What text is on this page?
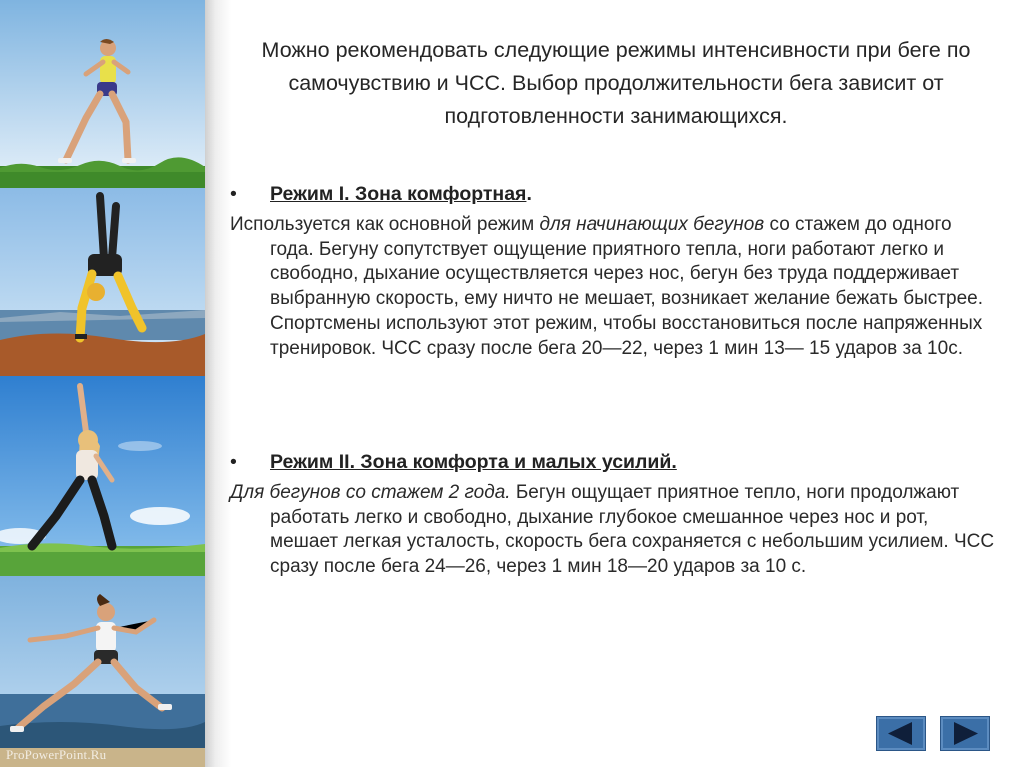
ProPowerPoint.Ru
Можно рекомендовать следующие режимы интенсивности при беге по самочувствию и ЧСС. Выбор продолжительности бега зависит от подготовленности занимающихся.
• Режим I. Зона комфортная.
Используется как основной режим для начинающих бегунов со стажем до одного года. Бегуну сопутствует ощущение приятного тепла, ноги работают легко и свободно, дыхание осуществляется через нос, бегун без труда поддерживает выбранную скорость, ему ничто не мешает, возникает желание бежать быстрее. Спортсмены используют этот режим, чтобы восстановиться после напряженных тренировок. ЧСС сразу после бега 20—22, через 1 мин 13— 15 ударов за 10с.
• Режим II. Зона комфорта и малых усилий.
Для бегунов со стажем 2 года. Бегун ощущает приятное тепло, ноги продолжают работать легко и свободно, дыхание глубокое смешанное через нос и рот, мешает легкая усталость, скорость бега сохраняется с небольшим усилием. ЧСС сразу после бега 24—26, через 1 мин 18—20 ударов за 10 с.
